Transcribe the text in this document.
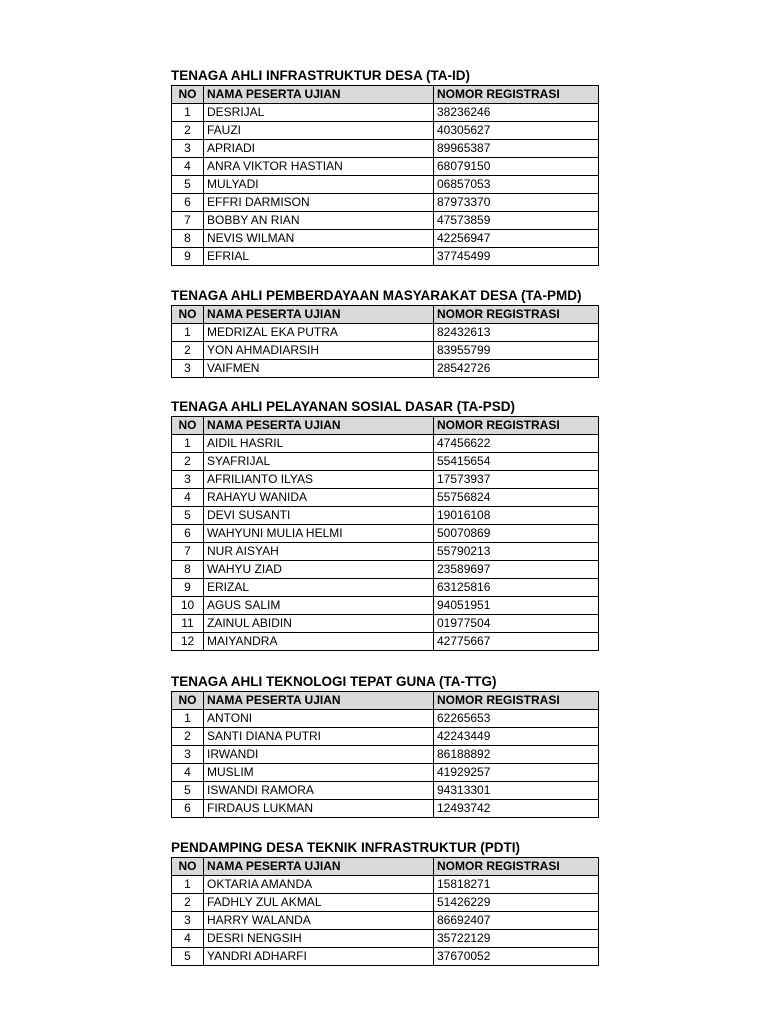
TENAGA AHLI INFRASTRUKTUR DESA (TA-ID)
NO	NAMA PESERTA UJIAN	NOMOR REGISTRASI
1	DESRIJAL	38236246
2	FAUZI	40305627
3	APRIADI	89965387
4	ANRA VIKTOR HASTIAN	68079150
5	MULYADI	06857053
6	EFFRI DARMISON	87973370
7	BOBBY AN RIAN	47573859
8	NEVIS WILMAN	42256947
9	EFRIAL	37745499
TENAGA AHLI PEMBERDAYAAN MASYARAKAT DESA (TA-PMD)
NO	NAMA PESERTA UJIAN	NOMOR REGISTRASI
1	MEDRIZAL EKA PUTRA	82432613
2	YON AHMADIARSIH	83955799
3	VAIFMEN	28542726
TENAGA AHLI PELAYANAN SOSIAL DASAR (TA-PSD)
NO	NAMA PESERTA UJIAN	NOMOR REGISTRASI
1	AIDIL HASRIL	47456622
2	SYAFRIJAL	55415654
3	AFRILIANTO ILYAS	17573937
4	RAHAYU WANIDA	55756824
5	DEVI SUSANTI	19016108
6	WAHYUNI MULIA HELMI	50070869
7	NUR AISYAH	55790213
8	WAHYU ZIAD	23589697
9	ERIZAL	63125816
10	AGUS SALIM	94051951
11	ZAINUL ABIDIN	01977504
12	MAIYANDRA	42775667
TENAGA AHLI TEKNOLOGI TEPAT GUNA (TA-TTG)
NO	NAMA PESERTA UJIAN	NOMOR REGISTRASI
1	ANTONI	62265653
2	SANTI DIANA PUTRI	42243449
3	IRWANDI	86188892
4	MUSLIM	41929257
5	ISWANDI RAMORA	94313301
6	FIRDAUS LUKMAN	12493742
PENDAMPING DESA TEKNIK INFRASTRUKTUR (PDTI)
NO	NAMA PESERTA UJIAN	NOMOR REGISTRASI
1	OKTARIA AMANDA	15818271
2	FADHLY ZUL AKMAL	51426229
3	HARRY WALANDA	86692407
4	DESRI NENGSIH	35722129
5	YANDRI ADHARFI	37670052
